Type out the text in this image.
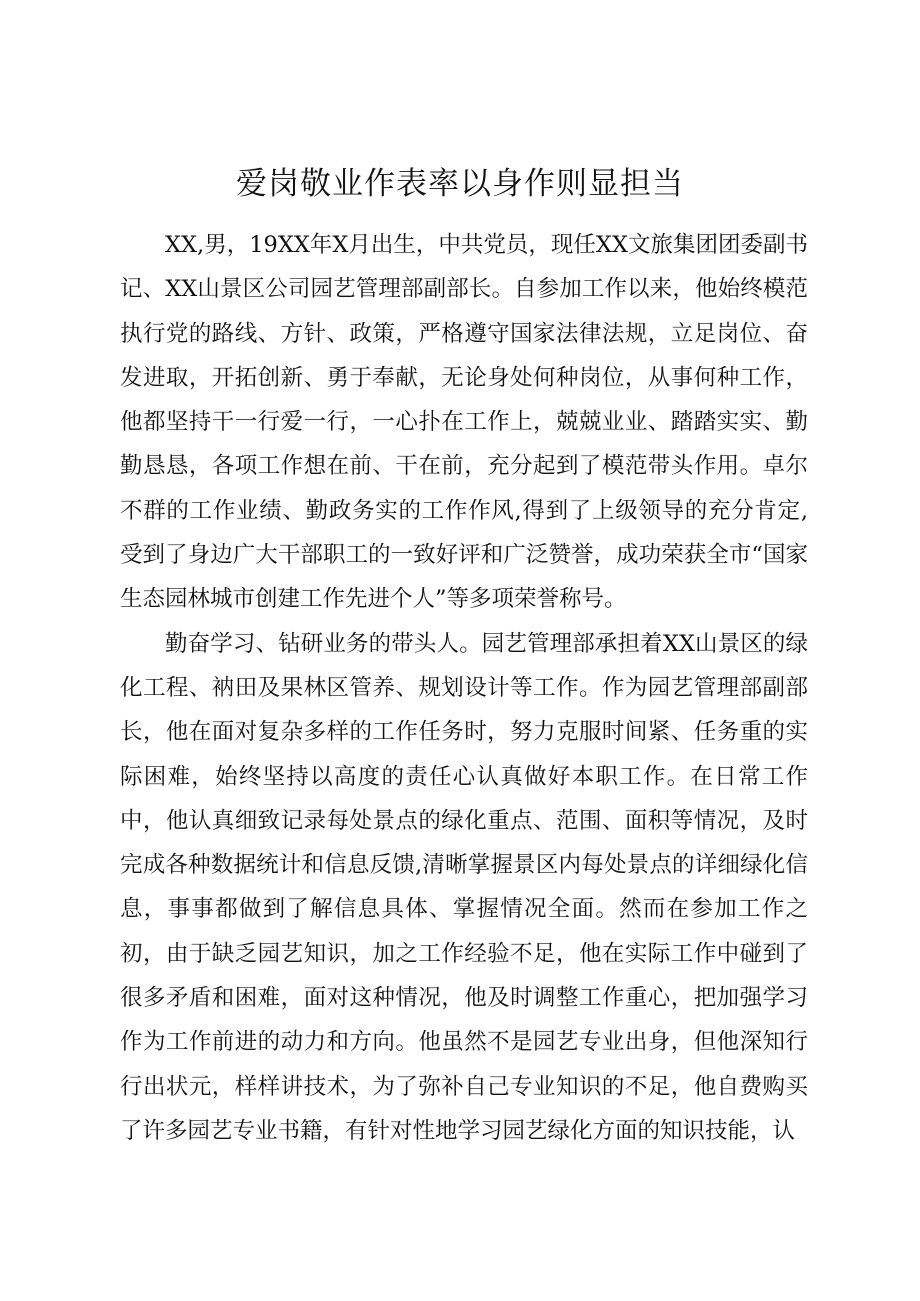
爱岗敬业作表率以身作则显担当

XX,男，19XX年X月出生，中共党员，现任XX文旅集团团委副书记、XX山景区公司园艺管理部副部长。自参加工作以来，他始终模范执行党的路线、方针、政策，严格遵守国家法律法规，立足岗位、奋发进取，开拓创新、勇于奉献，无论身处何种岗位，从事何种工作，他都坚持干一行爱一行，一心扑在工作上，兢兢业业、踏踏实实、勤勤恳恳，各项工作想在前、干在前，充分起到了模范带头作用。卓尔不群的工作业绩、勤政务实的工作作风,得到了上级领导的充分肯定,受到了身边广大干部职工的一致好评和广泛赞誉，成功荣获全市“国家生态园林城市创建工作先进个人”等多项荣誉称号。

勤奋学习、钻研业务的带头人。园艺管理部承担着XX山景区的绿化工程、衲田及果林区管养、规划设计等工作。作为园艺管理部副部长，他在面对复杂多样的工作任务时，努力克服时间紧、任务重的实际困难，始终坚持以高度的责任心认真做好本职工作。在日常工作中，他认真细致记录每处景点的绿化重点、范围、面积等情况，及时完成各种数据统计和信息反馈,清晰掌握景区内每处景点的详细绿化信息，事事都做到了解信息具体、掌握情况全面。然而在参加工作之初，由于缺乏园艺知识，加之工作经验不足，他在实际工作中碰到了很多矛盾和困难，面对这种情况，他及时调整工作重心，把加强学习作为工作前进的动力和方向。他虽然不是园艺专业出身，但他深知行行出状元，样样讲技术，为了弥补自己专业知识的不足，他自费购买了许多园艺专业书籍，有针对性地学习园艺绿化方面的知识技能，认
